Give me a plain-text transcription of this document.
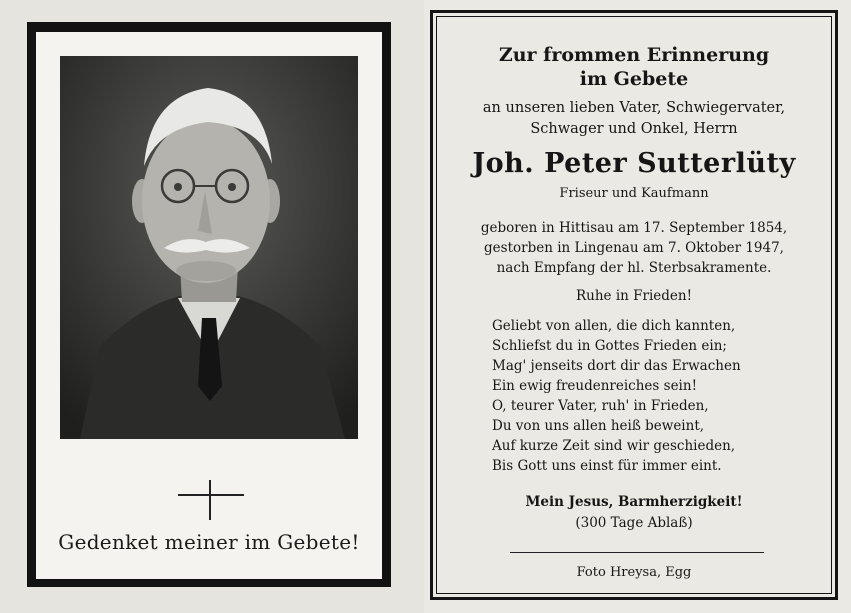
Gedenket meiner im Gebete!
Zur frommen Erinnerung
im Gebete
an unseren lieben Vater, Schwiegervater,
Schwager und Onkel, Herrn
Joh. Peter Sutterlüty
Friseur und Kaufmann
geboren in Hittisau am 17. September 1854,
gestorben in Lingenau am 7. Oktober 1947,
nach Empfang der hl. Sterbsakramente.
Ruhe in Frieden!
Geliebt von allen, die dich kannten,
Schliefst du in Gottes Frieden ein;
Mag' jenseits dort dir das Erwachen
Ein ewig freudenreiches sein!
O, teurer Vater, ruh' in Frieden,
Du von uns allen heiß beweint,
Auf kurze Zeit sind wir geschieden,
Bis Gott uns einst für immer eint.
Mein Jesus, Barmherzigkeit!
(300 Tage Ablaß)
Foto Hreysa, Egg
